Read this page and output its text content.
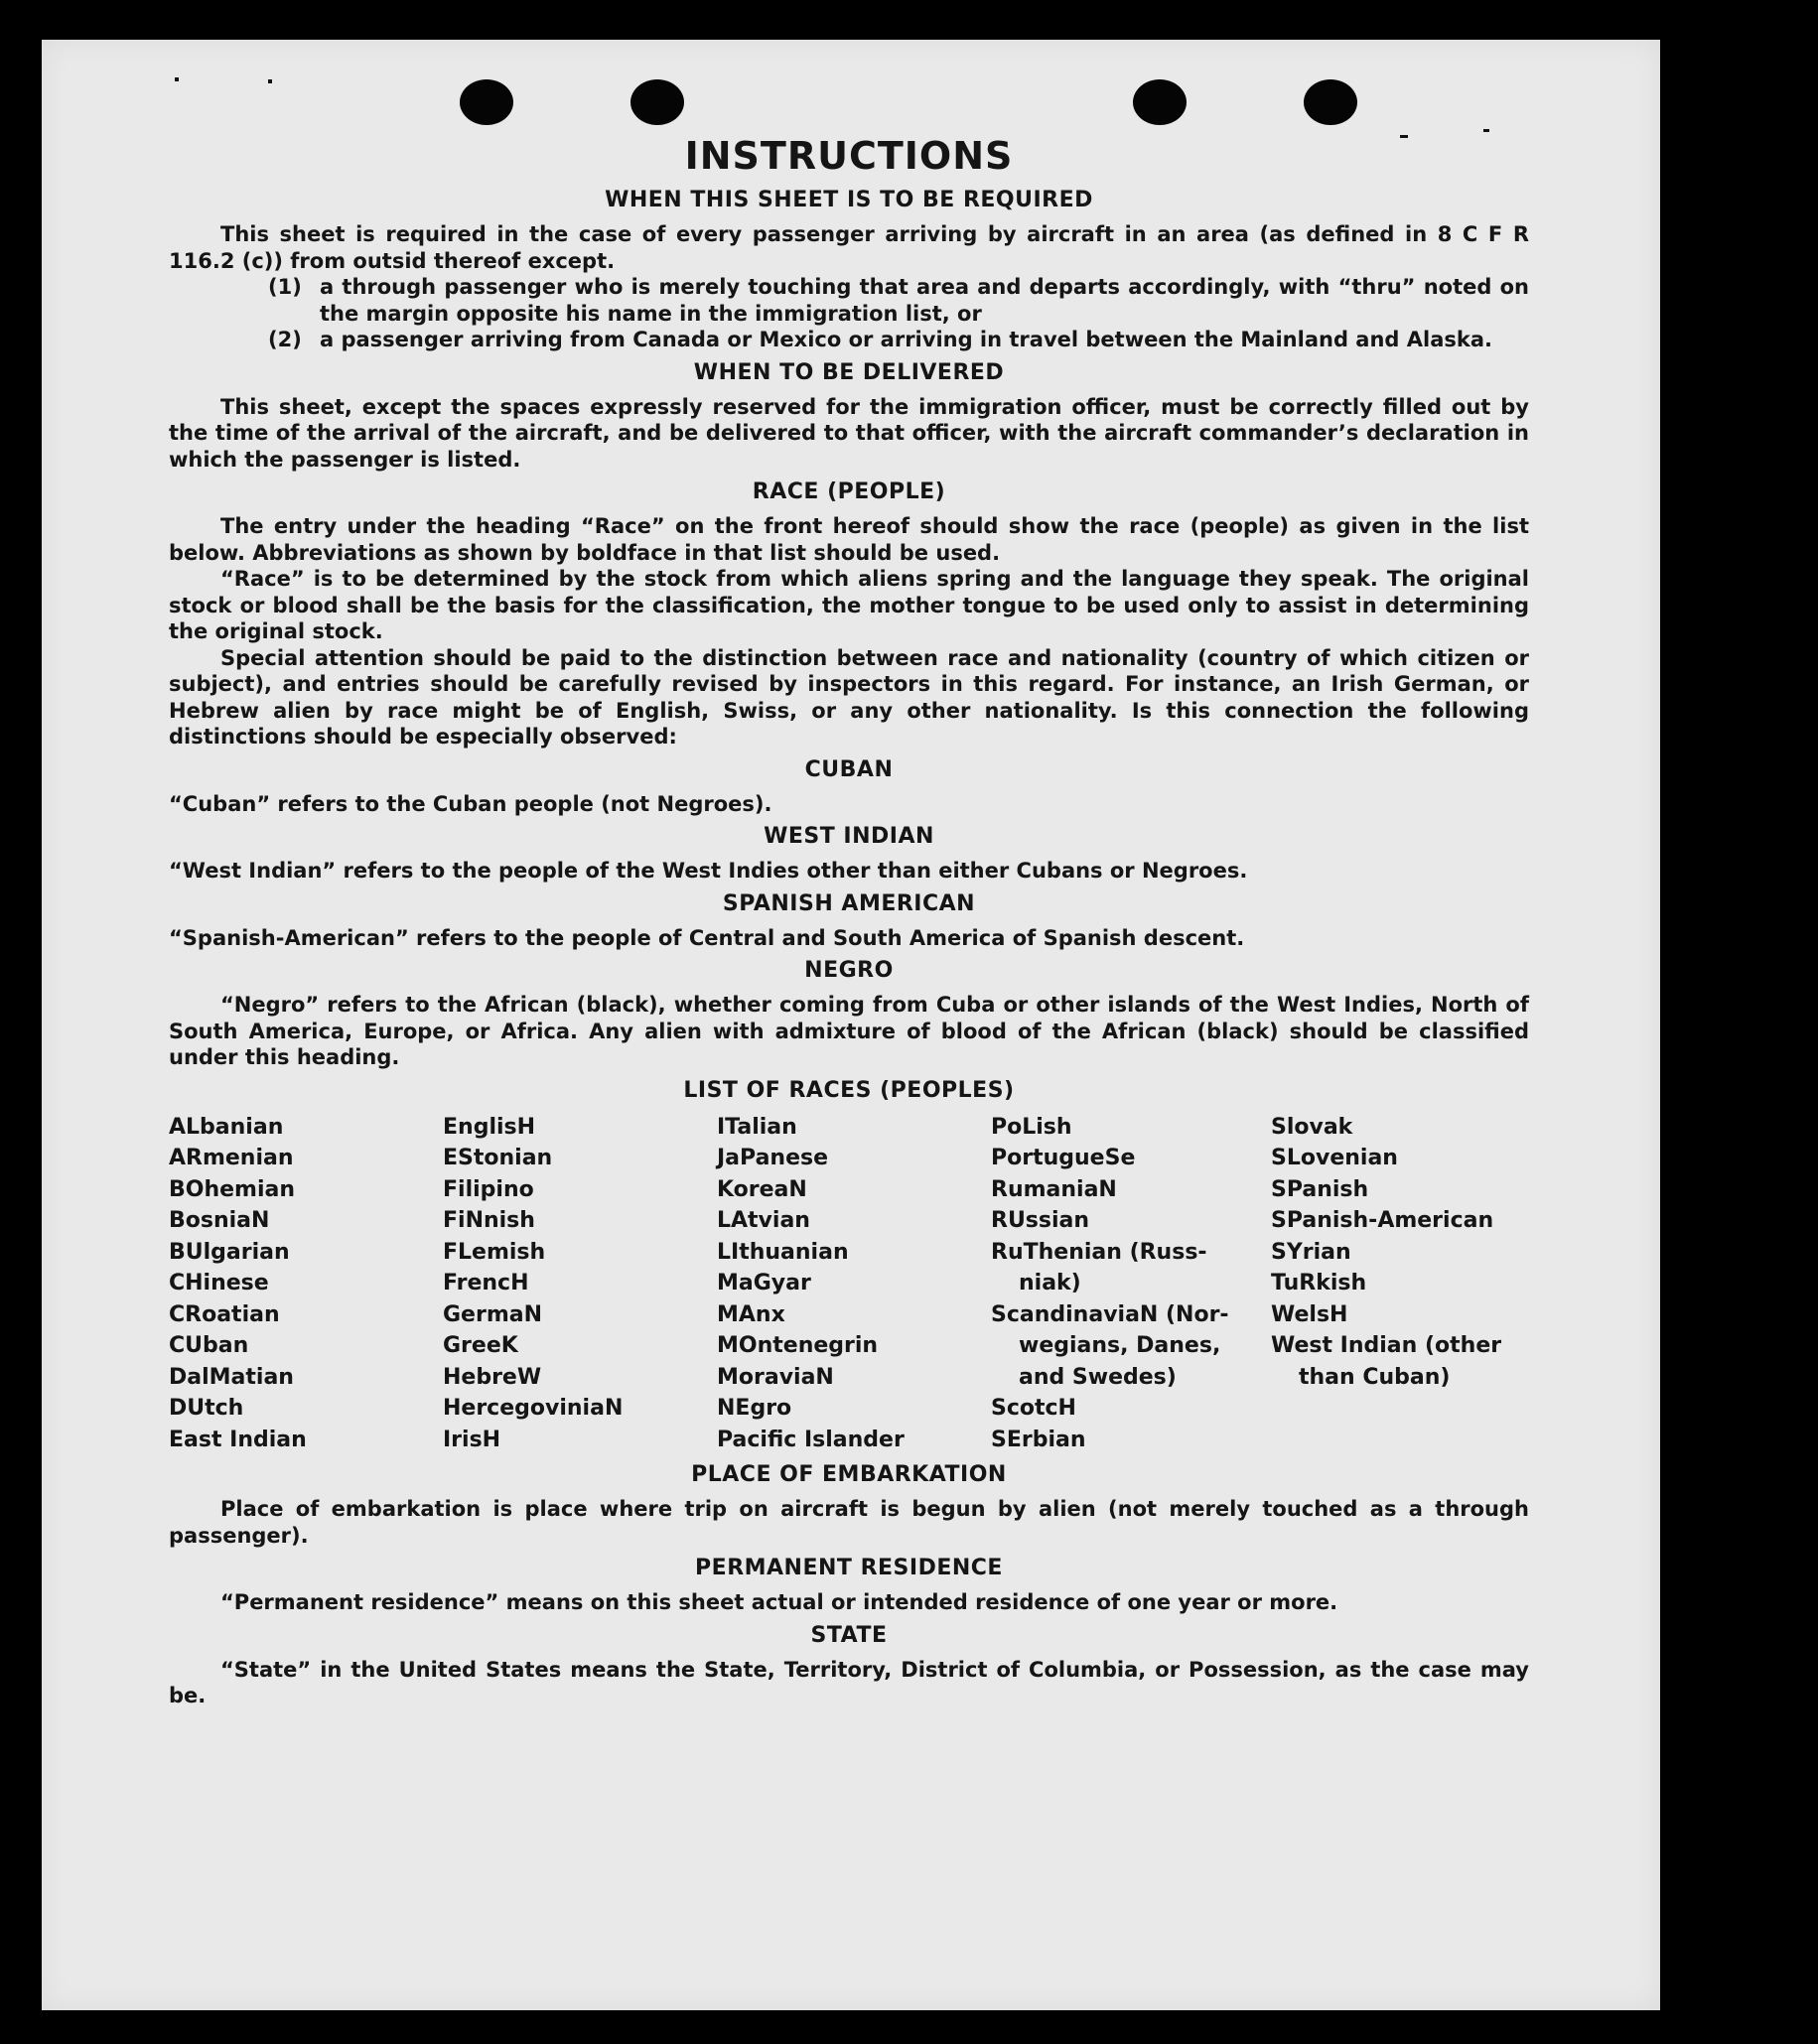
INSTRUCTIONS
WHEN THIS SHEET IS TO BE REQUIRED

This sheet is required in the case of every passenger arriving by aircraft in an area (as defined in 8 C F R 116.2 (c)) from outsid thereof except.

(1) a through passenger who is merely touching that area and departs accordingly, with “thru” noted on the margin opposite his name in the immigration list, or
(2) a passenger arriving from Canada or Mexico or arriving in travel between the Mainland and Alaska.
WHEN TO BE DELIVERED

This sheet, except the spaces expressly reserved for the immigration officer, must be correctly filled out by the time of the arrival of the aircraft, and be delivered to that officer, with the aircraft commander’s declaration in which the passenger is listed.

RACE (PEOPLE)

The entry under the heading “Race” on the front hereof should show the race (people) as given in the list below. Abbreviations as shown by boldface in that list should be used.

“Race” is to be determined by the stock from which aliens spring and the language they speak. The original stock or blood shall be the basis for the classification, the mother tongue to be used only to assist in determining the original stock.

Special attention should be paid to the distinction between race and nationality (country of which citizen or subject), and entries should be carefully revised by inspectors in this regard. For instance, an Irish German, or Hebrew alien by race might be of English, Swiss, or any other nationality. Is this connection the following distinctions should be especially observed:

CUBAN

“Cuban” refers to the Cuban people (not Negroes).

WEST INDIAN

“West Indian” refers to the people of the West Indies other than either Cubans or Negroes.

SPANISH AMERICAN

“Spanish-American” refers to the people of Central and South America of Spanish descent.

NEGRO

“Negro” refers to the African (black), whether coming from Cuba or other islands of the West Indies, North of South America, Europe, or Africa. Any alien with admixture of blood of the African (black) should be classified under this heading.

LIST OF RACES (PEOPLES)
ALbanian
ARmenian
BOhemian
BosniaN
BUlgarian
CHinese
CRoatian
CUban
DalMatian
DUtch
East Indian
EnglisH
EStonian
Filipino
FiNnish
FLemish
FrencH
GermaN
GreeK
HebreW
HercegoviniaN
IrisH
ITalian
JaPanese
KoreaN
LAtvian
LIthuanian
MaGyar
MAnx
MOntenegrin
MoraviaN
NEgro
Pacific Islander
PoLish
PortugueSe
RumaniaN
RUssian
RuThenian (Russ-
niak)
ScandinaviaN (Nor-
wegians, Danes,
and Swedes)
ScotcH
SErbian
Slovak
SLovenian
SPanish
SPanish-American
SYrian
TuRkish
WelsH
West Indian (other
than Cuban)
PLACE OF EMBARKATION

Place of embarkation is place where trip on aircraft is begun by alien (not merely touched as a through passenger).

PERMANENT RESIDENCE

“Permanent residence” means on this sheet actual or intended residence of one year or more.

STATE

“State” in the United States means the State, Territory, District of Columbia, or Possession, as the case may be.
